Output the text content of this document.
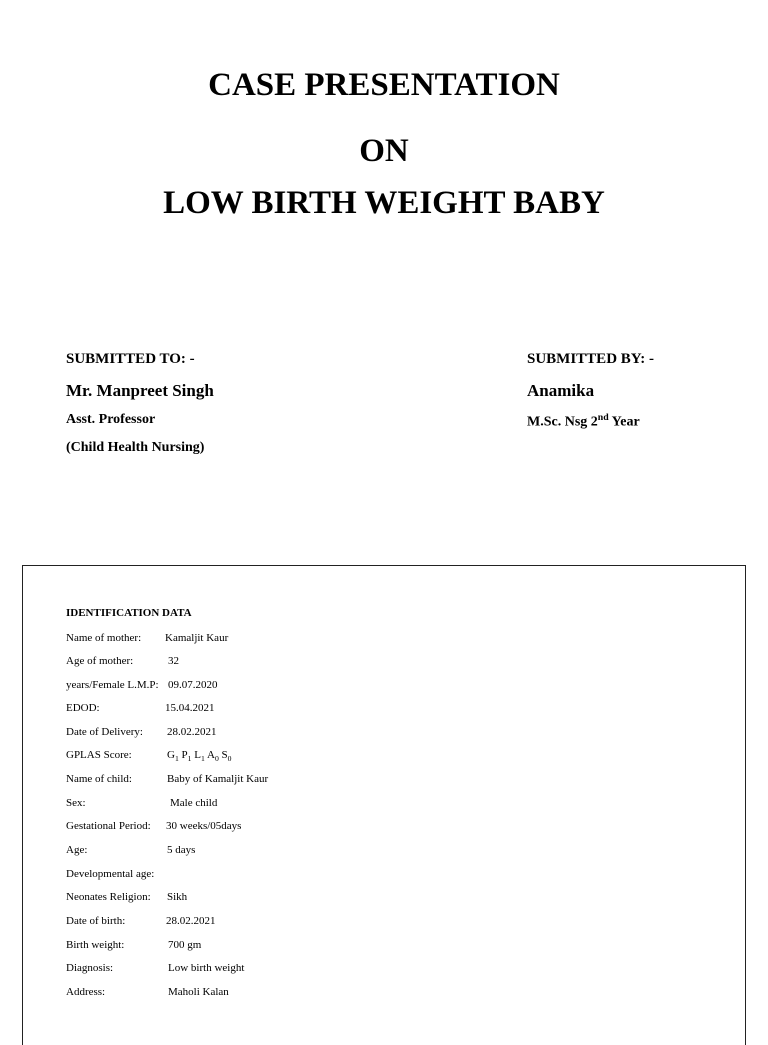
CASE PRESENTATION
ON
LOW BIRTH WEIGHT BABY

SUBMITTED TO: -

Mr. Manpreet Singh

Asst. Professor

(Child Health Nursing)

SUBMITTED BY: -

Anamika

M.Sc. Nsg 2nd Year

IDENTIFICATION DATA

Name of mother: Kamaljit Kaur
Age of mother:	32
years/Female L.M.P: 09.07.2020
EDOD:	15.04.2021
Date of Delivery: 28.02.2021
GPLAS Score:	$G_1$ $P_1$ $L_1$ $A_0$ $S_0$
Name of child:	Baby of Kamaljit Kaur
Sex:	Male child
Gestational Period: 30 weeks/05days
Age:	5 days
Developmental age:
Neonates Religion: Sikh
Date of birth:	28.02.2021
Birth weight:	700 gm
Diagnosis:	Low birth weight
Address:	Maholi Kalan
